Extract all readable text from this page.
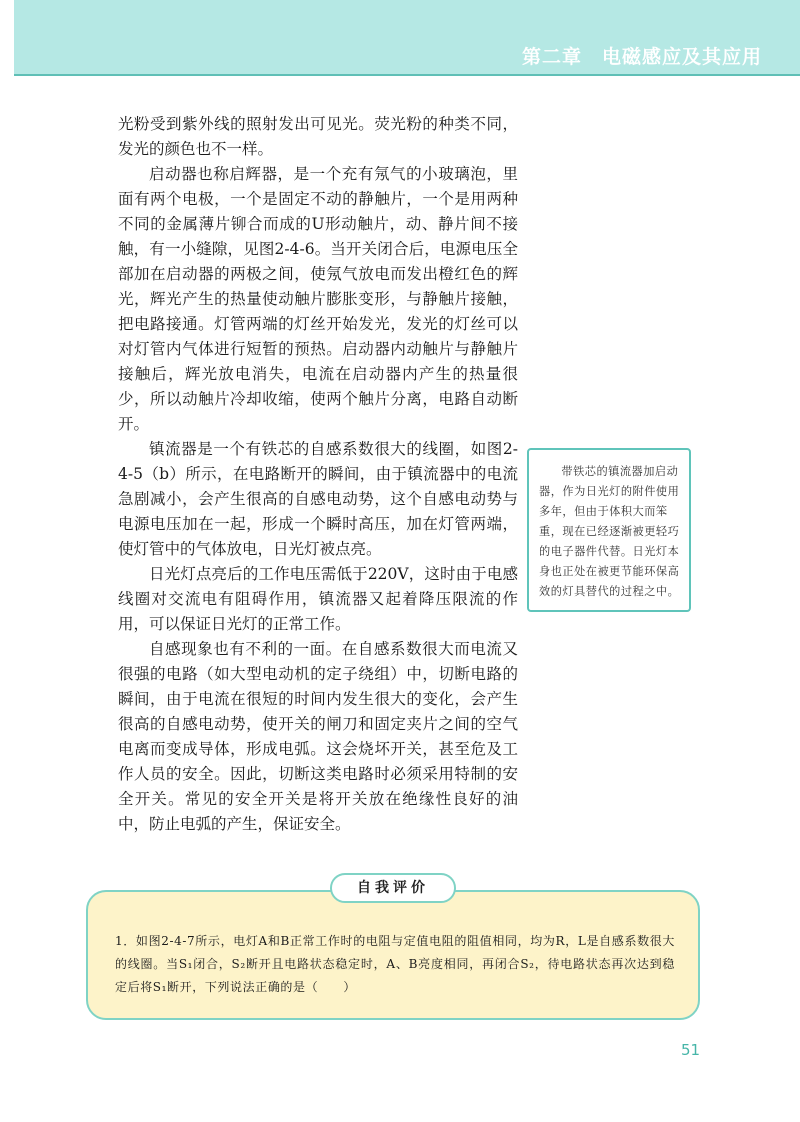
第二章　电磁感应及其应用

光粉受到紫外线的照射发出可见光。荧光粉的种类不同，发光的颜色也不一样。

启动器也称启辉器，是一个充有氖气的小玻璃泡，里面有两个电极，一个是固定不动的静触片，一个是用两种不同的金属薄片铆合而成的U形动触片，动、静片间不接触，有一小缝隙，见图2-4-6。当开关闭合后，电源电压全部加在启动器的两极之间，使氖气放电而发出橙红色的辉光，辉光产生的热量使动触片膨胀变形，与静触片接触，把电路接通。灯管两端的灯丝开始发光，发光的灯丝可以对灯管内气体进行短暂的预热。启动器内动触片与静触片接触后，辉光放电消失，电流在启动器内产生的热量很少，所以动触片冷却收缩，使两个触片分离，电路自动断开。

镇流器是一个有铁芯的自感系数很大的线圈，如图2-4-5（b）所示，在电路断开的瞬间，由于镇流器中的电流急剧减小，会产生很高的自感电动势，这个自感电动势与电源电压加在一起，形成一个瞬时高压，加在灯管两端，使灯管中的气体放电，日光灯被点亮。

日光灯点亮后的工作电压需低于220V，这时由于电感线圈对交流电有阻碍作用，镇流器又起着降压限流的作用，可以保证日光灯的正常工作。

自感现象也有不利的一面。在自感系数很大而电流又很强的电路（如大型电动机的定子绕组）中，切断电路的瞬间，由于电流在很短的时间内发生很大的变化，会产生很高的自感电动势，使开关的闸刀和固定夹片之间的空气电离而变成导体，形成电弧。这会烧坏开关，甚至危及工作人员的安全。因此，切断这类电路时必须采用特制的安全开关。常见的安全开关是将开关放在绝缘性良好的油中，防止电弧的产生，保证安全。

带铁芯的镇流器加启动器，作为日光灯的附件使用多年，但由于体积大而笨重，现在已经逐渐被更轻巧的电子器件代替。日光灯本身也正处在被更节能环保高效的灯具替代的过程之中。

自我评价

1．如图2-4-7所示，电灯A和B正常工作时的电阻与定值电阻的阻值相同，均为R，L是自感系数很大的线圈。当S₁闭合，S₂断开且电路状态稳定时，A、B亮度相同，再闭合S₂，待电路状态再次达到稳定后将S₁断开，下列说法正确的是（　　）

51
